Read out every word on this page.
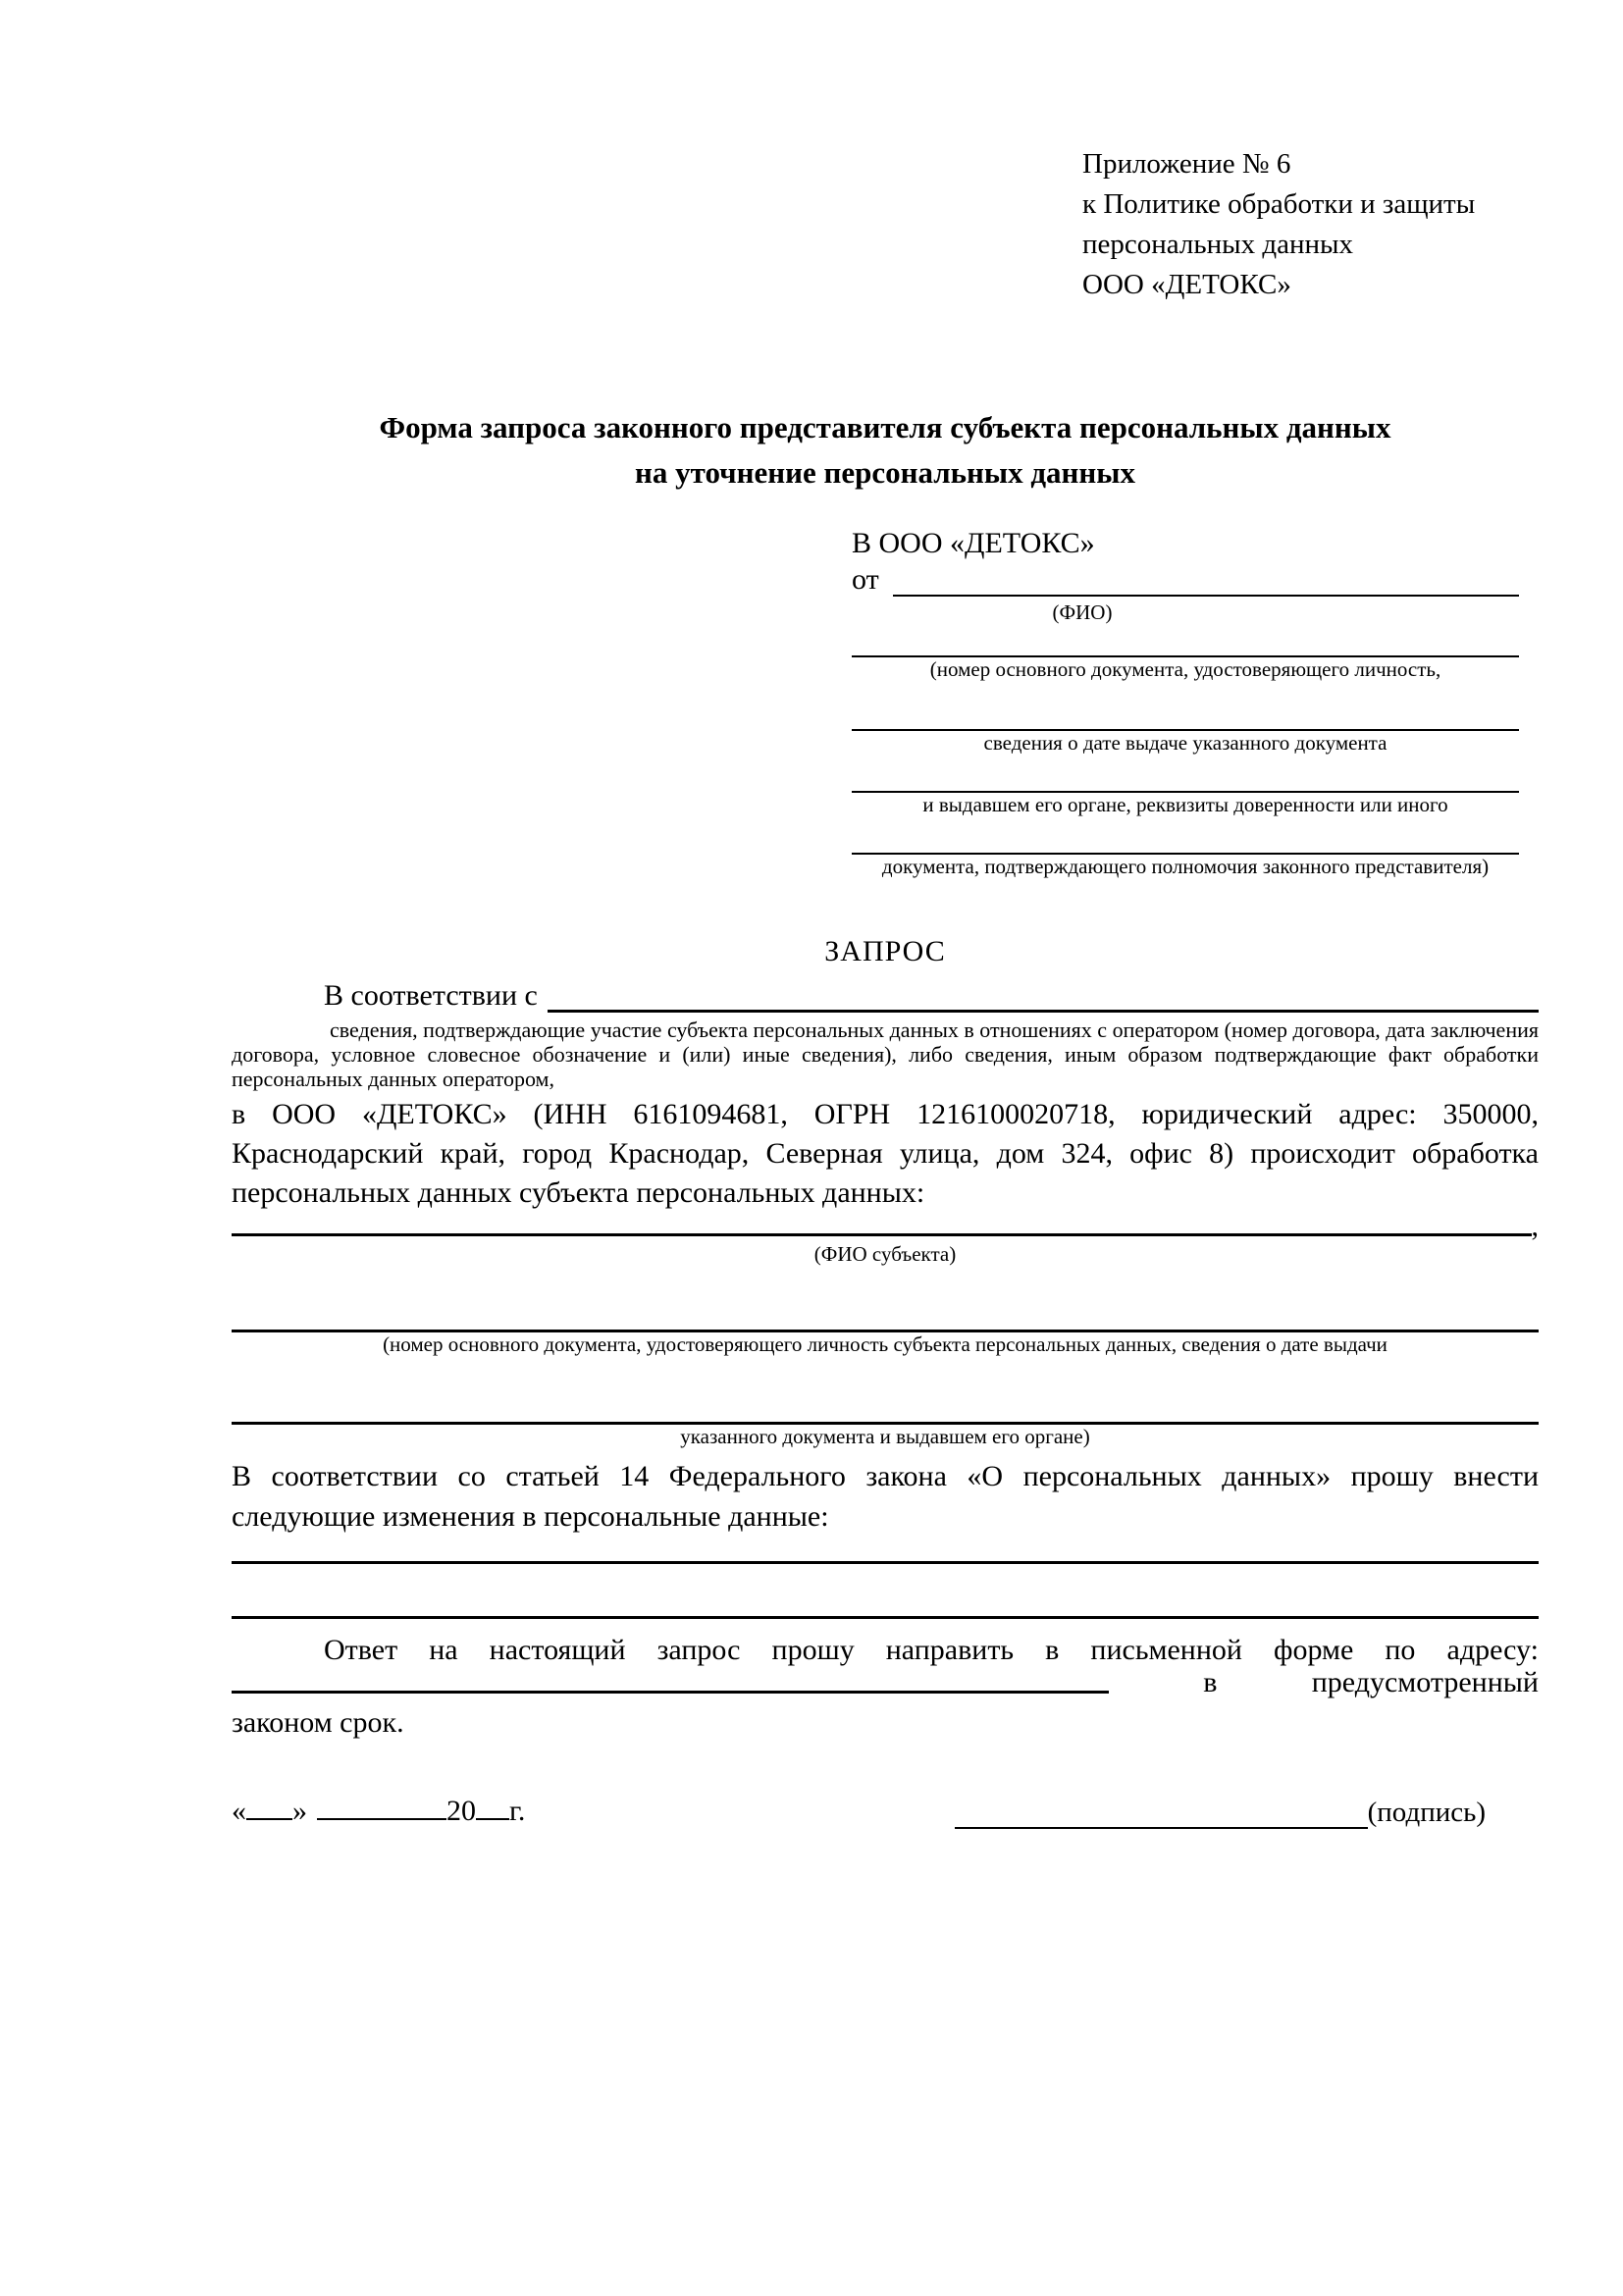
Приложение № 6
к Политике обработки и защиты
персональных данных
ООО «ДЕТОКС»
Форма запроса законного представителя субъекта персональных данных
на уточнение персональных данных
В ООО «ДЕТОКС»
от
(ФИО)
(номер основного документа, удостоверяющего личность,
сведения о дате выдаче указанного документа
и выдавшем его органе, реквизиты доверенности или иного
документа, подтверждающего полномочия законного представителя)
ЗАПРОС
В соответствии с
сведения, подтверждающие участие субъекта персональных данных в отношениях с оператором (номер договора, дата заключения договора, условное словесное обозначение и (или) иные сведения), либо сведения, иным образом подтверждающие факт обработки персональных данных оператором,
в ООО «ДЕТОКС» (ИНН 6161094681, ОГРН 1216100020718, юридический адрес: 350000, Краснодарский край, город Краснодар, Северная улица, дом 324, офис 8) происходит обработка персональных данных субъекта персональных данных:
,
(ФИО субъекта)
(номер основного документа, удостоверяющего личность субъекта персональных данных, сведения о дате выдачи
указанного документа и выдавшем его органе)
В соответствии со статьей 14 Федерального закона «О персональных данных» прошу внести следующие изменения в персональные данные:
Ответ на настоящий запрос прошу направить в письменной форме по адресу:
в	предусмотренный
законом срок.
« »	20 г.	(подпись)
